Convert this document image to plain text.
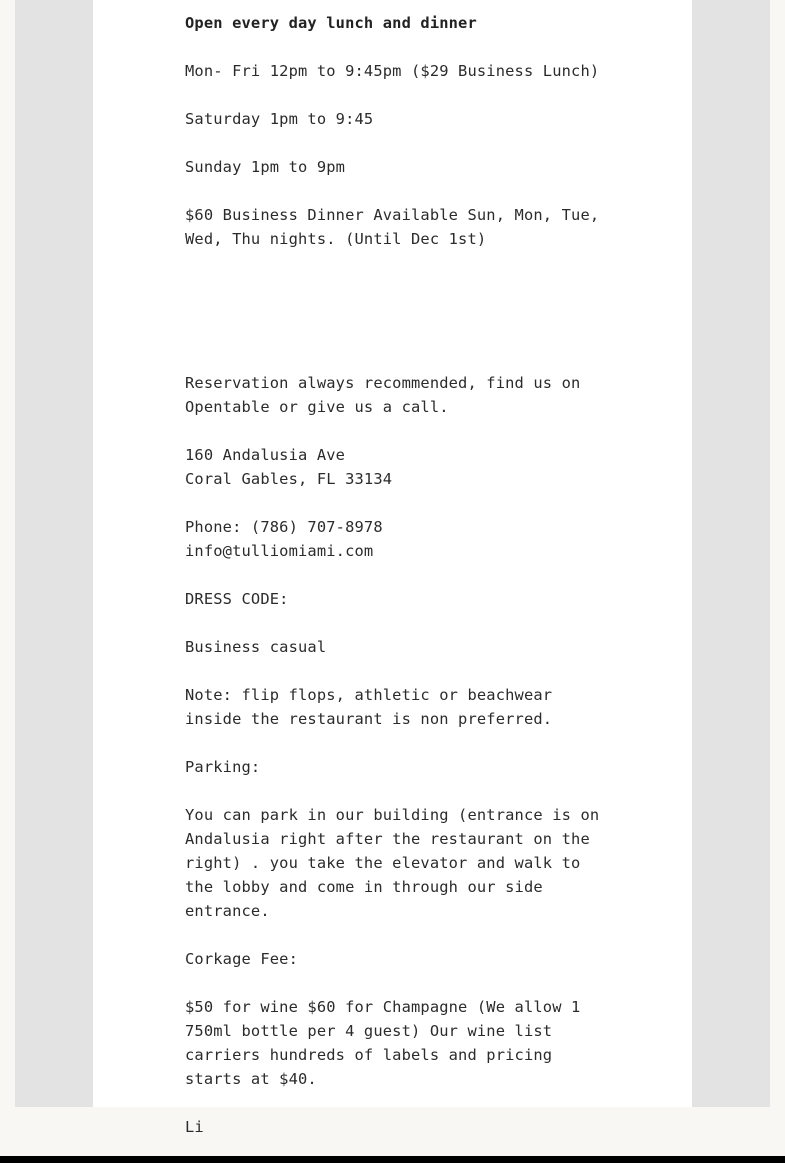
Open every day lunch and dinner

Mon- Fri 12pm to 9:45pm ($29 Business Lunch)

Saturday 1pm to 9:45

Sunday 1pm to 9pm

$60 Business Dinner Available Sun, Mon, Tue, Wed, Thu nights. (Until Dec 1st)

Reservation always recommended, find us on Opentable or give us a call.

160 Andalusia Ave
Coral Gables, FL 33134

Phone: (786) 707-8978
info@tulliomiami.com

DRESS CODE:

Business casual

Note: flip flops, athletic or beachwear inside the restaurant is non preferred.

Parking:

You can park in our building (entrance is on Andalusia right after the restaurant on the right) . you take the elevator and walk to the lobby and come in through our side entrance.

Corkage Fee:

$50 for wine $60 for Champagne (We allow 1 750ml bottle per 4 guest) Our wine list carriers hundreds of labels and pricing starts at $40.

Li
